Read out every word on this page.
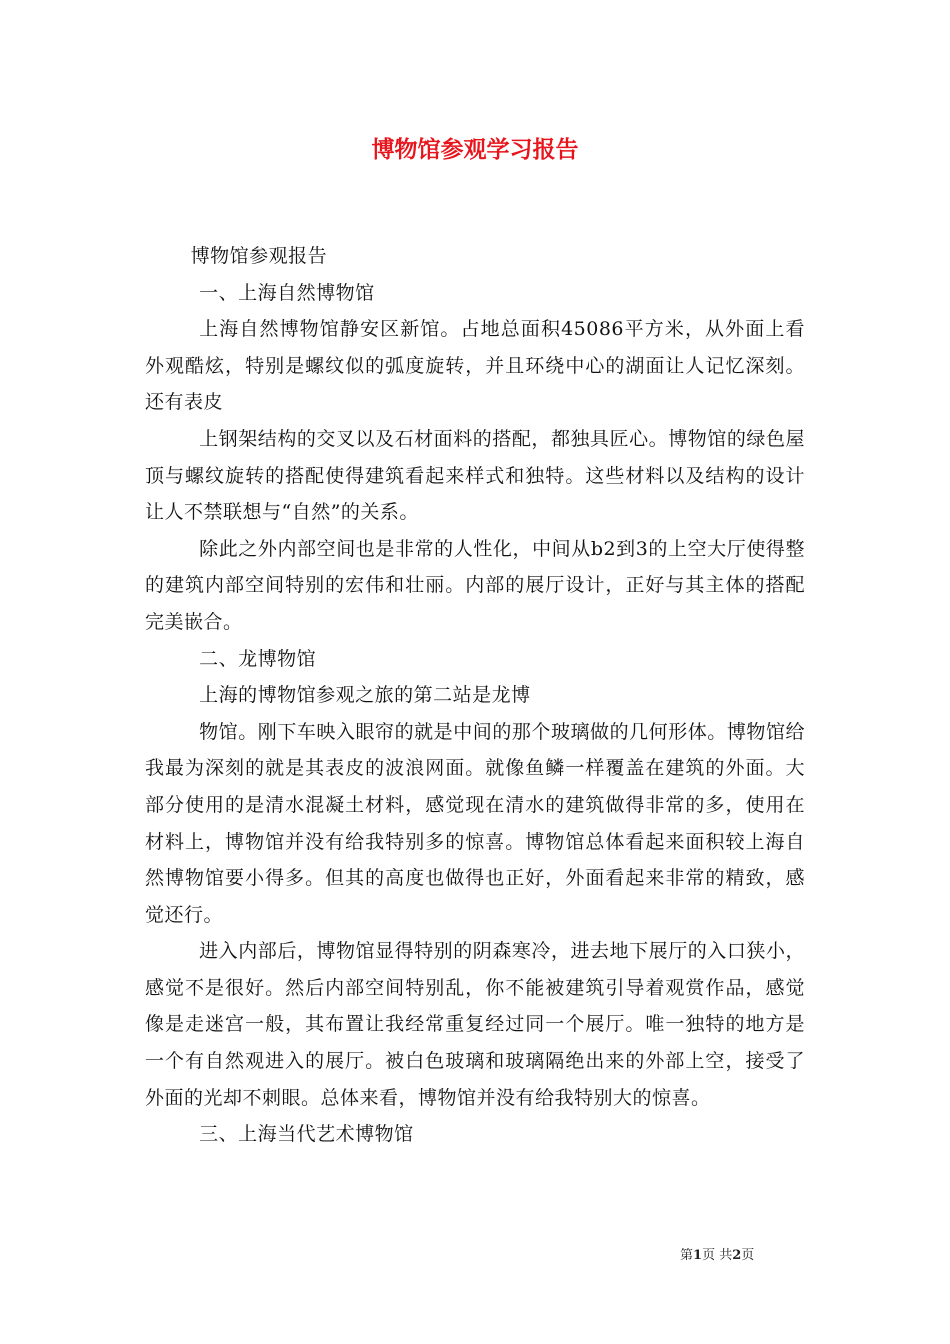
博物馆参观学习报告

博物馆参观报告

一、上海自然博物馆

上海自然博物馆静安区新馆。占地总面积45086平方米，从外面上看外观酷炫，特别是螺纹似的弧度旋转，并且环绕中心的湖面让人记忆深刻。还有表皮

上钢架结构的交叉以及石材面料的搭配，都独具匠心。博物馆的绿色屋顶与螺纹旋转的搭配使得建筑看起来样式和独特。这些材料以及结构的设计让人不禁联想与“自然”的关系。

除此之外内部空间也是非常的人性化，中间从b2到3的上空大厅使得整的建筑内部空间特别的宏伟和壮丽。内部的展厅设计，正好与其主体的搭配完美嵌合。

二、龙博物馆

上海的博物馆参观之旅的第二站是龙博

物馆。刚下车映入眼帘的就是中间的那个玻璃做的几何形体。博物馆给我最为深刻的就是其表皮的波浪网面。就像鱼鳞一样覆盖在建筑的外面。大部分使用的是清水混凝土材料，感觉现在清水的建筑做得非常的多，使用在材料上，博物馆并没有给我特别多的惊喜。博物馆总体看起来面积较上海自然博物馆要小得多。但其的高度也做得也正好，外面看起来非常的精致，感觉还行。

进入内部后，博物馆显得特别的阴森寒冷，进去地下展厅的入口狭小，感觉不是很好。然后内部空间特别乱，你不能被建筑引导着观赏作品，感觉像是走迷宫一般，其布置让我经常重复经过同一个展厅。唯一独特的地方是一个有自然观进入的展厅。被白色玻璃和玻璃隔绝出来的外部上空，接受了外面的光却不刺眼。总体来看，博物馆并没有给我特别大的惊喜。

三、上海当代艺术博物馆

第1页 共2页
